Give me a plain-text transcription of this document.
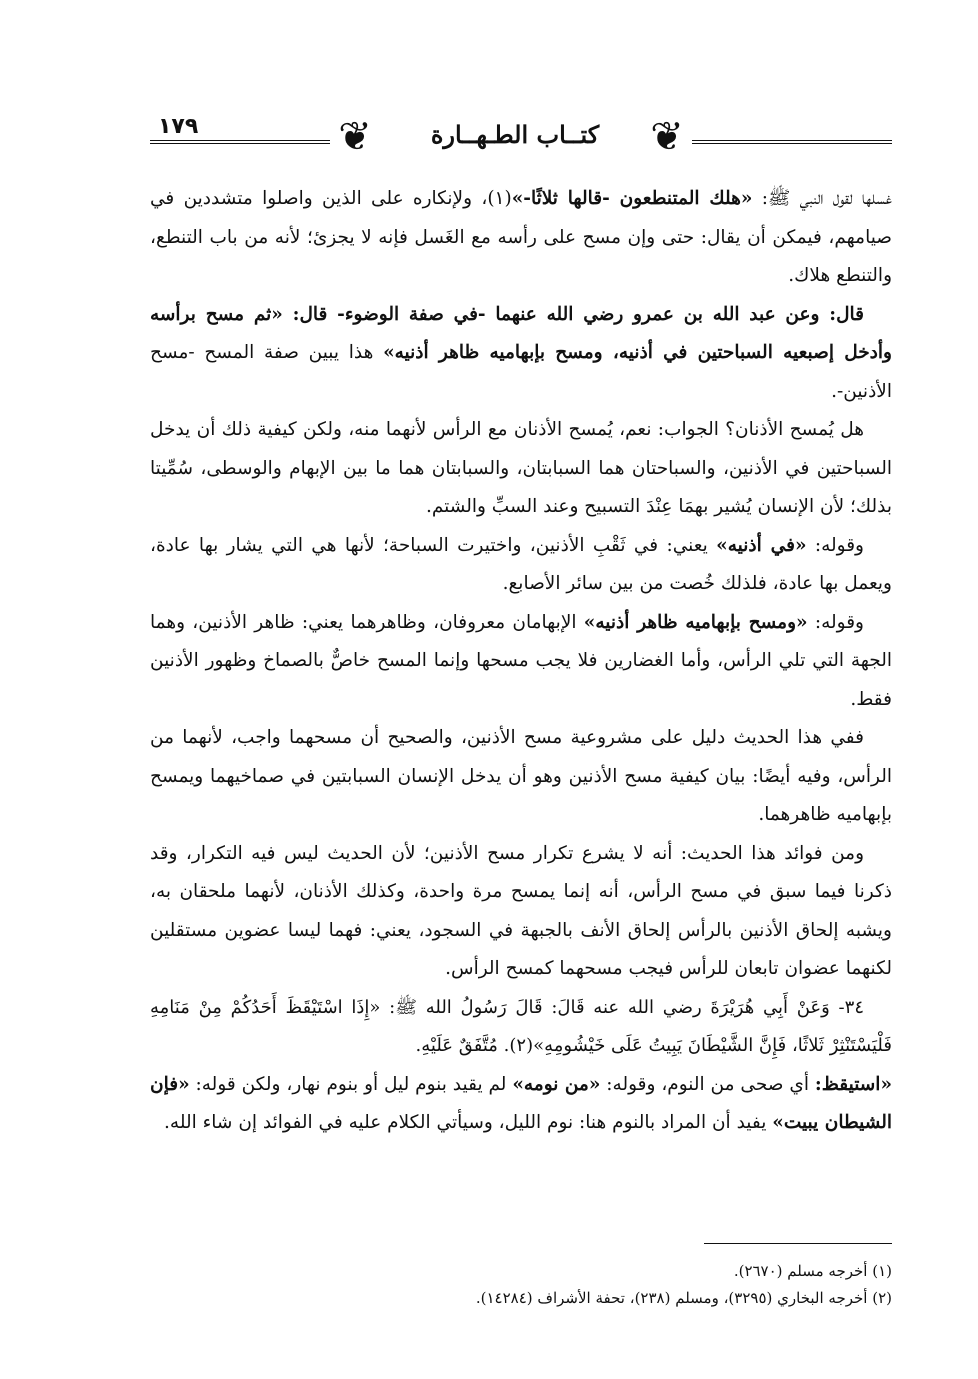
١٧٩	❦	كتــاب الطـهــارة	❦

غسلها لقول النبي ﷺ: «هلك المتنطعون -قالها ثلاثًا-»(١)، ولإنكاره على الذين واصلوا متشددين في صيامهم، فيمكن أن يقال: حتى وإن مسح على رأسه مع الغَسل فإنه لا يجزئ؛ لأنه من باب التنطع، والتنطع هلاك.

قال: وعن عبد الله بن عمرو رضي الله عنهما -في صفة الوضوء- قال: «ثم مسح برأسه وأدخل إصبعيه السباحتين في أذنيه، ومسح بإبهاميه ظاهر أذنيه» هذا يبين صفة المسح -مسح الأذنين-.

هل يُمسح الأذنان؟ الجواب: نعم، يُمسح الأذنان مع الرأس لأنهما منه، ولكن كيفية ذلك أن يدخل السباحتين في الأذنين، والسباحتان هما السبابتان، والسبابتان هما ما بين الإبهام والوسطى، سُمِّيتا بذلك؛ لأن الإنسان يُشير بهمَا عِنْدَ التسبيح وعند السبِّ والشتم.

وقوله: «في أذنيه» يعني: في ثَقْبِ الأذنين، واختيرت السباحة؛ لأنها هي التي يشار بها عادة، ويعمل بها عادة، فلذلك خُصت من بين سائر الأصابع.

وقوله: «ومسح بإبهاميه ظاهر أذنيه» الإبهامان معروفان، وظاهرهما يعني: ظاهر الأذنين، وهما الجهة التي تلي الرأس، وأما الغضارين فلا يجب مسحها وإنما المسح خاصٌّ بالصماخ وظهور الأذنين فقط.

ففي هذا الحديث دليل على مشروعية مسح الأذنين، والصحيح أن مسحهما واجب، لأنهما من الرأس، وفيه أيضًا: بيان كيفية مسح الأذنين وهو أن يدخل الإنسان السبابتين في صماخيهما ويمسح بإبهاميه ظاهرهما.

ومن فوائد هذا الحديث: أنه لا يشرع تكرار مسح الأذنين؛ لأن الحديث ليس فيه التكرار، وقد ذكرنا فيما سبق في مسح الرأس، أنه إنما يمسح مرة واحدة، وكذلك الأذنان، لأنهما ملحقان به، ويشبه إلحاق الأذنين بالرأس إلحاق الأنف بالجبهة في السجود، يعني: فهما ليسا عضوين مستقلين لكنهما عضوان تابعان للرأس فيجب مسحهما كمسح الرأس.

٣٤- وَعَنْ أَبِي هُرَيْرَةَ رضي الله عنه قَالَ: قَالَ رَسُولُ الله ﷺ: «إِذَا اسْتَيْقَظَ أَحَدُكُمْ مِنْ مَنَامِهِ فَلْيَسْتَنْثِرْ ثَلاثًا، فَإِنَّ الشَّيْطَانَ يَبِيتُ عَلَى خَيْشُومِهِ»(٢). مُتَّفَقٌ عَلَيْهِ.

«استيقظ: أي صحى من النوم، وقوله: «من نومه» لم يقيد بنوم ليل أو بنوم نهار، ولكن قوله: «فإن الشيطان يبيت» يفيد أن المراد بالنوم هنا: نوم الليل، وسيأتي الكلام عليه في الفوائد إن شاء الله.

(١) أخرجه مسلم (٢٦٧٠).

(٢) أخرجه البخاري (٣٢٩٥)، ومسلم (٢٣٨)، تحفة الأشراف (١٤٢٨٤).
